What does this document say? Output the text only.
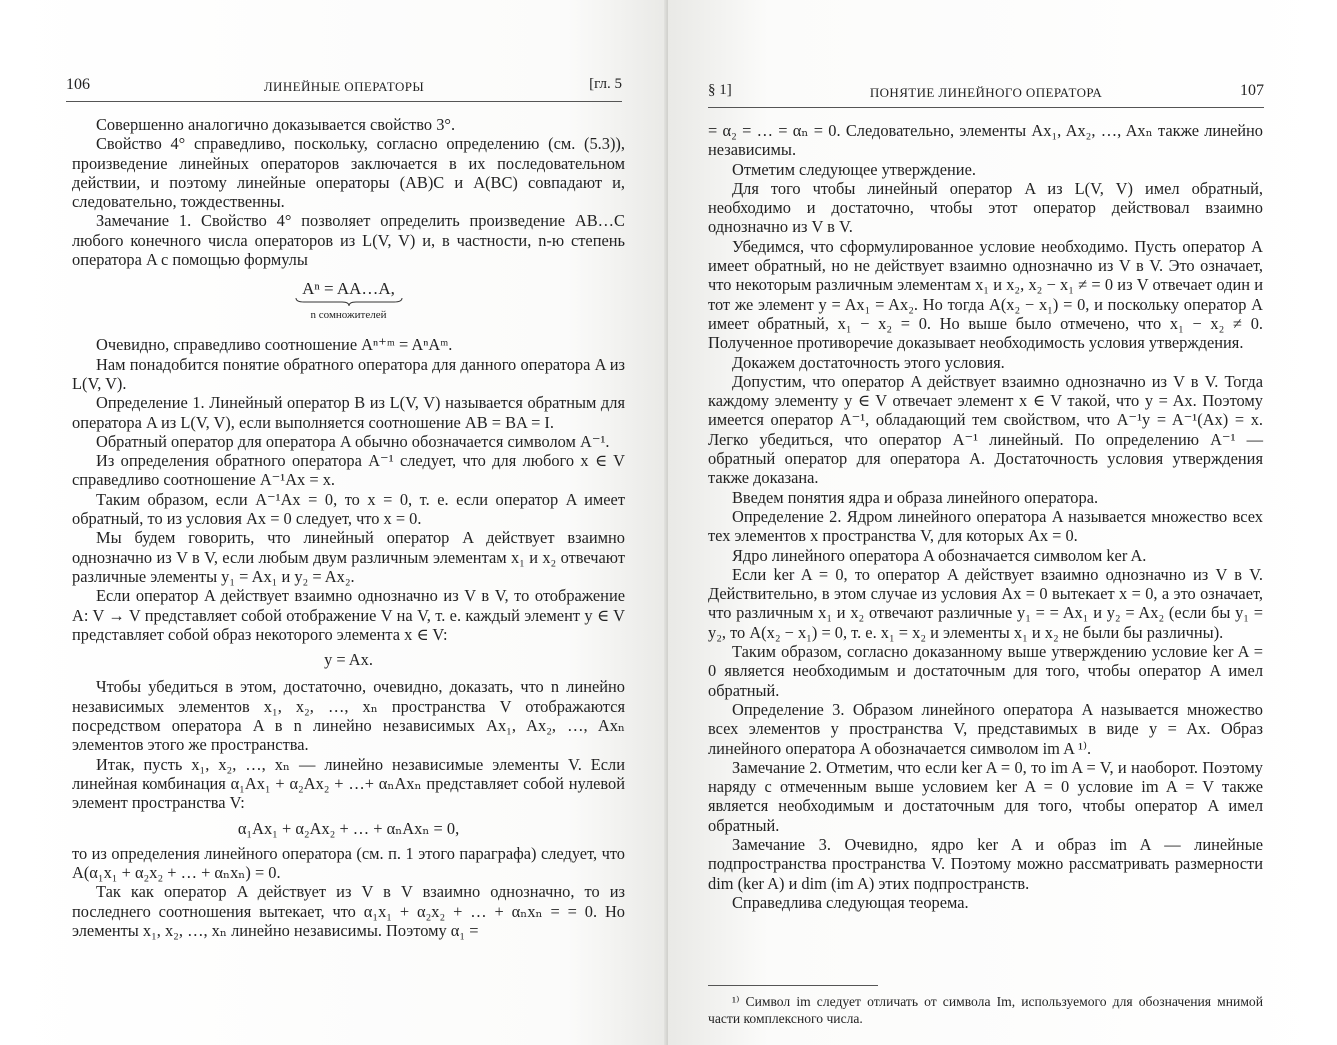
106	ЛИНЕЙНЫЕ ОПЕРАТОРЫ	[гл. 5

Совершенно аналогично доказывается свойство 3°.

Свойство 4° справедливо, поскольку, согласно определению (см. (5.3)), произведение линейных операторов заключается в их последовательном действии, и поэтому линейные операторы (AB)C и A(BC) совпадают и, следовательно, тождественны.

Замечание 1. Свойство 4° позволяет определить произведение AB…C любого конечного числа операторов из L(V, V) и, в частности, n-ю степень оператора A с помощью формулы

Aⁿ = AA…A,
n сомножителей

Очевидно, справедливо соотношение Aⁿ⁺ᵐ = AⁿAᵐ.

Нам понадобится понятие обратного оператора для данного оператора A из L(V, V).

Определение 1. Линейный оператор B из L(V, V) называется обратным для оператора A из L(V, V), если выполняется соотношение AB = BA = I.

Обратный оператор для оператора A обычно обозначается символом A⁻¹.

Из определения обратного оператора A⁻¹ следует, что для любого x ∈ V справедливо соотношение A⁻¹Ax = x.

Таким образом, если A⁻¹Ax = 0, то x = 0, т. е. если оператор A имеет обратный, то из условия Ax = 0 следует, что x = 0.

Мы будем говорить, что линейный оператор A действует взаимно однозначно из V в V, если любым двум различным элементам x₁ и x₂ отвечают различные элементы y₁ = Ax₁ и y₂ = Ax₂.

Если оператор A действует взаимно однозначно из V в V, то отображение A: V → V представляет собой отображение V на V, т. е. каждый элемент y ∈ V представляет собой образ некоторого элемента x ∈ V:

y = Ax.

Чтобы убедиться в этом, достаточно, очевидно, доказать, что n линейно независимых элементов x₁, x₂, …, xₙ пространства V отображаются посредством оператора A в n линейно независимых Ax₁, Ax₂, …, Axₙ элементов этого же пространства.

Итак, пусть x₁, x₂, …, xₙ — линейно независимые элементы V. Если линейная комбинация α₁Ax₁ + α₂Ax₂ + …+ αₙAxₙ представляет собой нулевой элемент пространства V:

α₁Ax₁ + α₂Ax₂ + … + αₙAxₙ = 0,

то из определения линейного оператора (см. п. 1 этого параграфа) следует, что A(α₁x₁ + α₂x₂ + … + αₙxₙ) = 0.

Так как оператор A действует из V в V взаимно однозначно, то из последнего соотношения вытекает, что α₁x₁ + α₂x₂ + … + αₙxₙ = = 0. Но элементы x₁, x₂, …, xₙ линейно независимы. Поэтому α₁ =

§ 1]	ПОНЯТИЕ ЛИНЕЙНОГО ОПЕРАТОРА	107

= α₂ = … = αₙ = 0. Следовательно, элементы Ax₁, Ax₂, …, Axₙ также линейно независимы.

Отметим следующее утверждение.

Для того чтобы линейный оператор A из L(V, V) имел обратный, необходимо и достаточно, чтобы этот оператор действовал взаимно однозначно из V в V.

Убедимся, что сформулированное условие необходимо. Пусть оператор A имеет обратный, но не действует взаимно однозначно из V в V. Это означает, что некоторым различным элементам x₁ и x₂, x₂ − x₁ ≠ = 0 из V отвечает один и тот же элемент y = Ax₁ = Ax₂. Но тогда A(x₂ − x₁) = 0, и поскольку оператор A имеет обратный, x₁ − x₂ = 0. Но выше было отмечено, что x₁ − x₂ ≠ 0. Полученное противоречие доказывает необходимость условия утверждения.

Докажем достаточность этого условия.

Допустим, что оператор A действует взаимно однозначно из V в V. Тогда каждому элементу y ∈ V отвечает элемент x ∈ V такой, что y = Ax. Поэтому имеется оператор A⁻¹, обладающий тем свойством, что A⁻¹y = A⁻¹(Ax) = x. Легко убедиться, что оператор A⁻¹ линейный. По определению A⁻¹ — обратный оператор для оператора A. Достаточность условия утверждения также доказана.

Введем понятия ядра и образа линейного оператора.

Определение 2. Ядром линейного оператора A называется множество всех тех элементов x пространства V, для которых Ax = 0.

Ядро линейного оператора A обозначается символом ker A.

Если ker A = 0, то оператор A действует взаимно однозначно из V в V. Действительно, в этом случае из условия Ax = 0 вытекает x = 0, а это означает, что различным x₁ и x₂ отвечают различные y₁ = = Ax₁ и y₂ = Ax₂ (если бы y₁ = y₂, то A(x₂ − x₁) = 0, т. е. x₁ = x₂ и элементы x₁ и x₂ не были бы различны).

Таким образом, согласно доказанному выше утверждению условие ker A = 0 является необходимым и достаточным для того, чтобы оператор A имел обратный.

Определение 3. Образом линейного оператора A называется множество всех элементов y пространства V, представимых в виде y = Ax. Образ линейного оператора A обозначается символом im A ¹⁾.

Замечание 2. Отметим, что если ker A = 0, то im A = V, и наоборот. Поэтому наряду с отмеченным выше условием ker A = 0 условие im A = V также является необходимым и достаточным для того, чтобы оператор A имел обратный.

Замечание 3. Очевидно, ядро ker A и образ im A — линейные подпространства пространства V. Поэтому можно рассматривать размерности dim (ker A) и dim (im A) этих подпространств.

Справедлива следующая теорема.

¹⁾ Символ im следует отличать от символа Im, используемого для обозначения мнимой части комплексного числа.
